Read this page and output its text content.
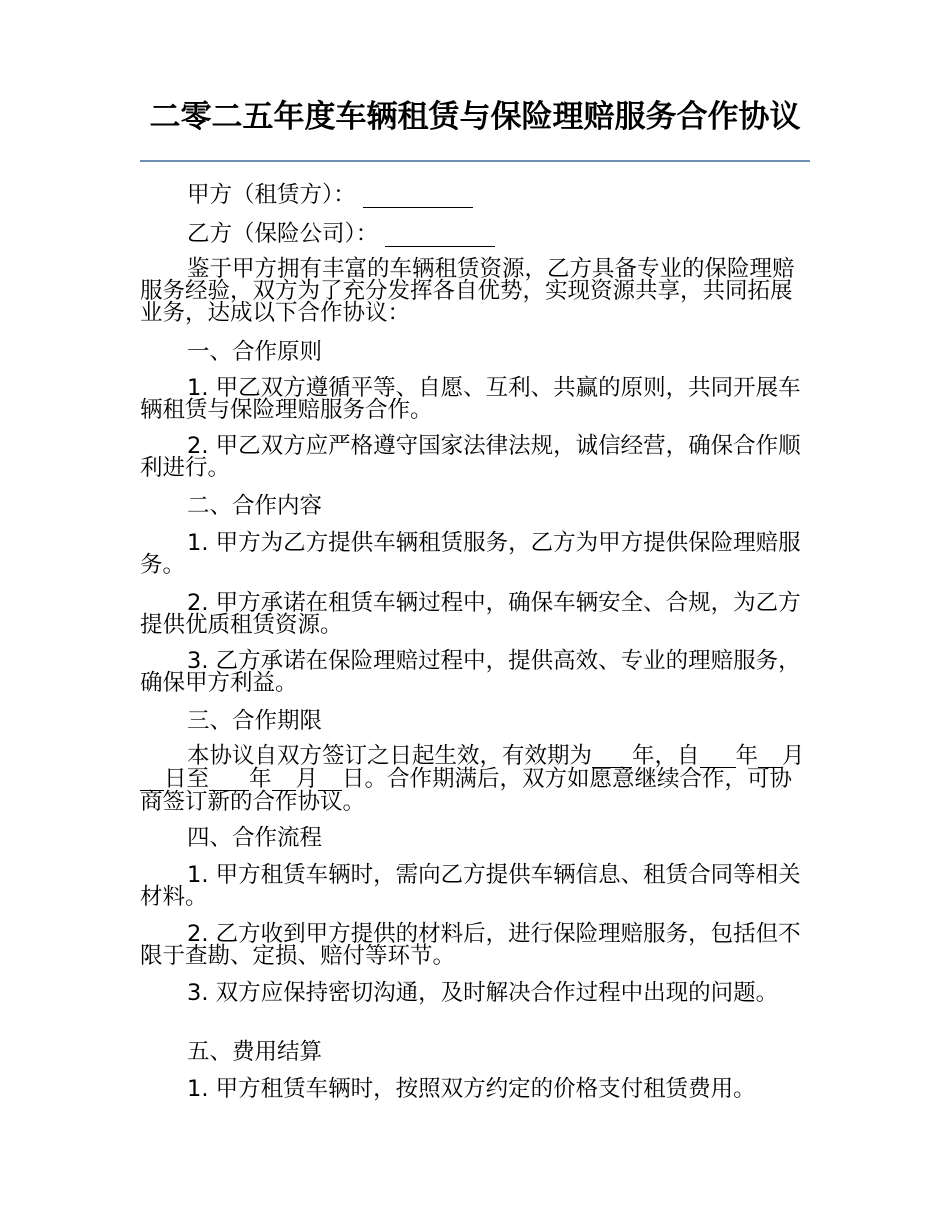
二零二五年度车辆租赁与保险理赔服务合作协议

甲方（租赁方）：

乙方（保险公司）：

鉴于甲方拥有丰富的车辆租赁资源，乙方具备专业的保险理赔服务经验，双方为了充分发挥各自优势，实现资源共享，共同拓展业务，达成以下合作协议：

一、合作原则

1. 甲乙双方遵循平等、自愿、互利、共赢的原则，共同开展车辆租赁与保险理赔服务合作。

2. 甲乙双方应严格遵守国家法律法规，诚信经营，确保合作顺利进行。

二、合作内容

1. 甲方为乙方提供车辆租赁服务，乙方为甲方提供保险理赔服务。

2. 甲方承诺在租赁车辆过程中，确保车辆安全、合规，为乙方提供优质租赁资源。

3. 乙方承诺在保险理赔过程中，提供高效、专业的理赔服务，确保甲方利益。

三、合作期限

本协议自双方签订之日起生效，有效期为 年，自 年 月 日至 年 月 日。合作期满后，双方如愿意继续合作，可协商签订新的合作协议。

四、合作流程

1. 甲方租赁车辆时，需向乙方提供车辆信息、租赁合同等相关材料。

2. 乙方收到甲方提供的材料后，进行保险理赔服务，包括但不限于查勘、定损、赔付等环节。

3. 双方应保持密切沟通，及时解决合作过程中出现的问题。

五、费用结算

1. 甲方租赁车辆时，按照双方约定的价格支付租赁费用。
